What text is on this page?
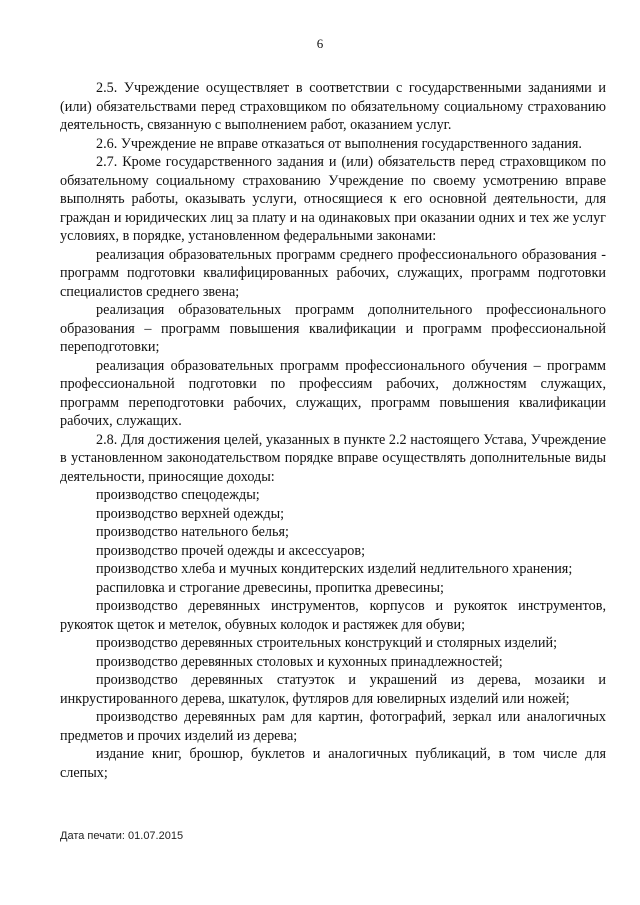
6

2.5. Учреждение осуществляет в соответствии с государственными заданиями и (или) обязательствами перед страховщиком по обязательному социальному страхованию деятельность, связанную с выполнением работ, оказанием услуг.

2.6. Учреждение не вправе отказаться от выполнения государственного задания.

2.7. Кроме государственного задания и (или) обязательств перед страховщиком по обязательному социальному страхованию Учреждение по своему усмотрению вправе выполнять работы, оказывать услуги, относящиеся к его основной деятельности, для граждан и юридических лиц за плату и на одинаковых при оказании одних и тех же услуг условиях, в порядке, установленном федеральными законами:

реализация образовательных программ среднего профессионального образования - программ подготовки квалифицированных рабочих, служащих, программ подготовки специалистов среднего звена;

реализация образовательных программ дополнительного профессионального образования – программ повышения квалификации и программ профессиональной переподготовки;

реализация образовательных программ профессионального обучения – программ профессиональной подготовки по профессиям рабочих, должностям служащих, программ переподготовки рабочих, служащих, программ повышения квалификации рабочих, служащих.

2.8. Для достижения целей, указанных в пункте 2.2 настоящего Устава, Учреждение в установленном законодательством порядке вправе осуществлять дополнительные виды деятельности, приносящие доходы:

производство спецодежды;

производство верхней одежды;

производство нательного белья;

производство прочей одежды и аксессуаров;

производство хлеба и мучных кондитерских изделий недлительного хранения;

распиловка и строгание древесины, пропитка древесины;

производство деревянных инструментов, корпусов и рукояток инструментов, рукояток щеток и метелок, обувных колодок и растяжек для обуви;

производство деревянных строительных конструкций и столярных изделий;

производство деревянных столовых и кухонных принадлежностей;

производство деревянных статуэток и украшений из дерева, мозаики и инкрустированного дерева, шкатулок, футляров для ювелирных изделий или ножей;

производство деревянных рам для картин, фотографий, зеркал или аналогичных предметов и прочих изделий из дерева;

издание книг, брошюр, буклетов и аналогичных публикаций, в том числе для слепых;

Дата печати: 01.07.2015
